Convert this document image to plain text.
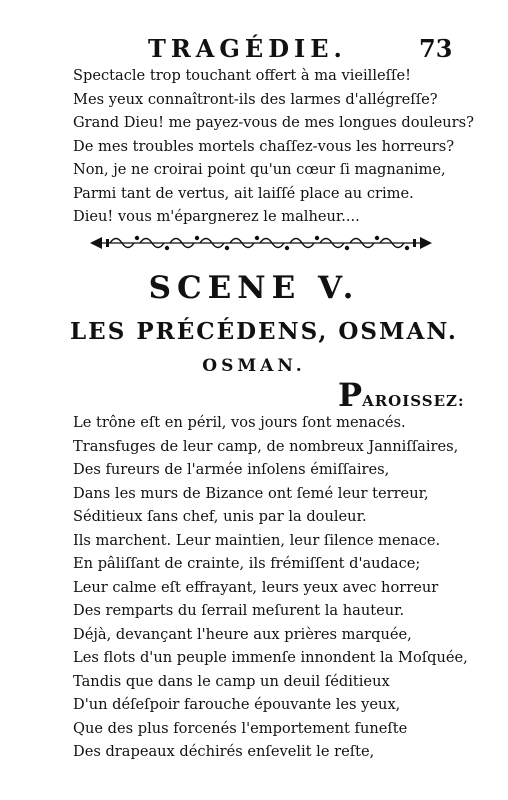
TRAGÉDIE.	73
Spectacle trop touchant offert à ma vieilleſſe!
Mes yeux connaîtront-ils des larmes d'allégreſſe?
Grand Dieu! me payez-vous de mes longues douleurs?
De mes troubles mortels chaſſez-vous les horreurs?
Non, je ne croirai point qu'un cœur ſi magnanime,
Parmi tant de vertus, ait laiſſé place au crime.
Dieu! vous m'épargnerez le malheur....
SCENE V.
LES PRÉCÉDENS, OSMAN.
OSMAN.
PAROISSEZ:
Le trône eſt en péril, vos jours ſont menacés.
Transfuges de leur camp, de nombreux Janniſſaires,
Des fureurs de l'armée inſolens émiſſaires,
Dans les murs de Bizance ont ſemé leur terreur,
Séditieux ſans chef, unis par la douleur.
Ils marchent. Leur maintien, leur ſilence menace.
En pâliſſant de crainte, ils frémiſſent d'audace;
Leur calme eſt effrayant, leurs yeux avec horreur
Des remparts du ſerrail meſurent la hauteur.
Déjà, devançant l'heure aux prières marquée,
Les flots d'un peuple immenſe innondent la Moſquée,
Tandis que dans le camp un deuil ſéditieux
D'un déſeſpoir farouche épouvante les yeux,
Que des plus forcenés l'emportement funeſte
Des drapeaux déchirés enſevelit le reſte,
